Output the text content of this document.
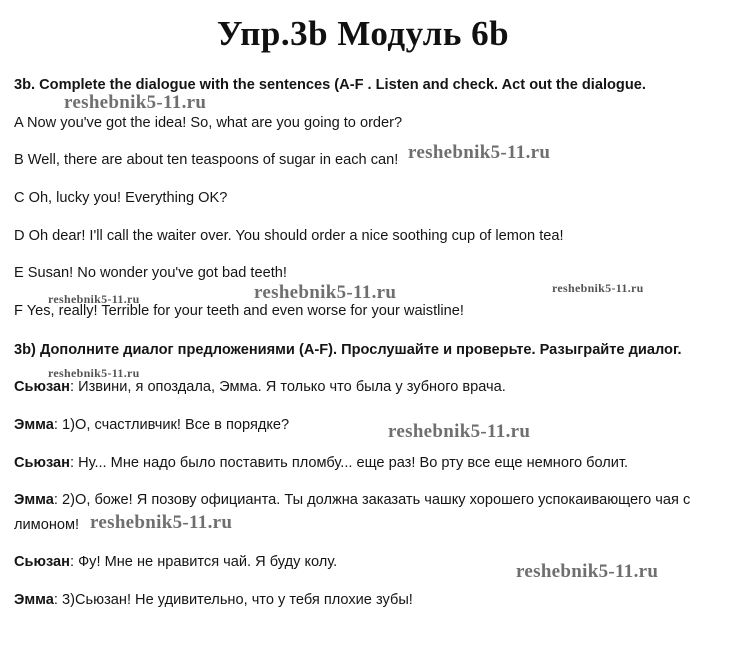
Упр.3b Модуль 6b
3b. Complete the dialogue with the sentences (A-F . Listen and check. Act out the dialogue.
A Now you've got the idea! So, what are you going to order?
B Well, there are about ten teaspoons of sugar in each can!
C Oh, lucky you! Everything OK?
D Oh dear! I'll call the waiter over. You should order a nice soothing cup of lemon tea!
E Susan! No wonder you've got bad teeth!
F Yes, really! Terrible for your teeth and even worse for your waistline!
3b) Дополните диалог предложениями (A-F). Прослушайте и проверьте. Разыграйте диалог.
Сьюзан: Извини, я опоздала, Эмма. Я только что была у зубного врача.
Эмма: 1)О, счастливчик! Все в порядке?
Сьюзан: Ну... Мне надо было поставить пломбу... еще раз! Во рту все еще немного болит.
Эмма: 2)О, боже! Я позову официанта. Ты должна заказать чашку хорошего успокаивающего чая с лимоном!
Сьюзан: Фу! Мне не нравится чай. Я буду колу.
Эмма: 3)Сьюзан! Не удивительно, что у тебя плохие зубы!
reshebnik5-11.ru
reshebnik5-11.ru
reshebnik5-11.ru
reshebnik5-11.ru
reshebnik5-11.ru
reshebnik5-11.ru
reshebnik5-11.ru
reshebnik5-11.ru
reshebnik5-11.ru
